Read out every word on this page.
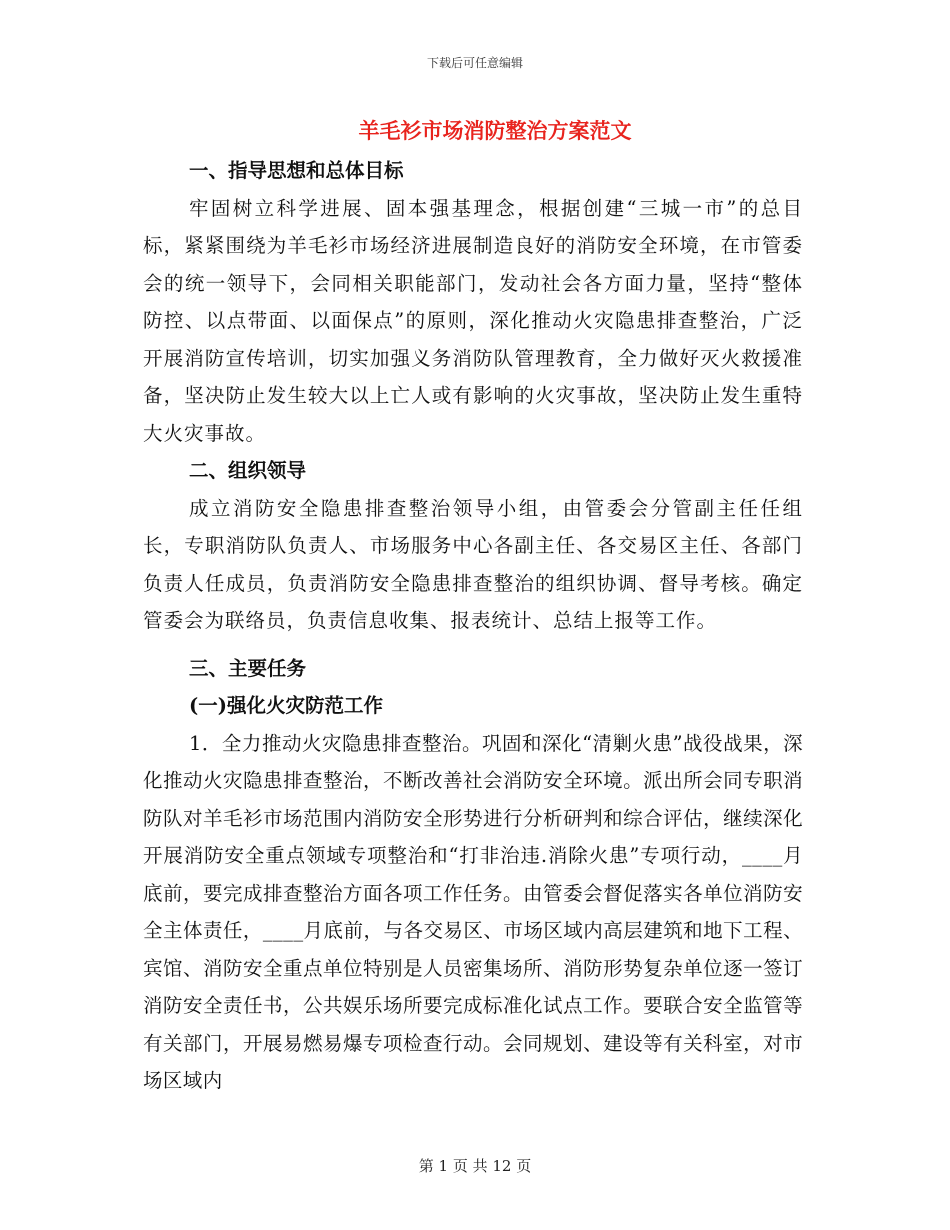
下载后可任意编辑
羊毛衫市场消防整治方案范文
一、指导思想和总体目标
牢固树立科学进展、固本强基理念，根据创建“三城一市”的总目标，紧紧围绕为羊毛衫市场经济进展制造良好的消防安全环境，在市管委会的统一领导下，会同相关职能部门，发动社会各方面力量，坚持“整体防控、以点带面、以面保点”的原则，深化推动火灾隐患排查整治，广泛开展消防宣传培训，切实加强义务消防队管理教育，全力做好灭火救援准备，坚决防止发生较大以上亡人或有影响的火灾事故，坚决防止发生重特大火灾事故。
二、组织领导
成立消防安全隐患排查整治领导小组，由管委会分管副主任任组长，专职消防队负责人、市场服务中心各副主任、各交易区主任、各部门负责人任成员，负责消防安全隐患排查整治的组织协调、督导考核。确定管委会为联络员，负责信息收集、报表统计、总结上报等工作。
三、主要任务
(一)强化火灾防范工作
1．全力推动火灾隐患排查整治。巩固和深化“清剿火患”战役战果，深化推动火灾隐患排查整治，不断改善社会消防安全环境。派出所会同专职消防队对羊毛衫市场范围内消防安全形势进行分析研判和综合评估，继续深化开展消防安全重点领域专项整治和“打非治违.消除火患”专项行动，____月底前，要完成排查整治方面各项工作任务。由管委会督促落实各单位消防安全主体责任，____月底前，与各交易区、市场区域内高层建筑和地下工程、宾馆、消防安全重点单位特别是人员密集场所、消防形势复杂单位逐一签订消防安全责任书，公共娱乐场所要完成标准化试点工作。要联合安全监管等有关部门，开展易燃易爆专项检查行动。会同规划、建设等有关科室，对市场区域内
第 1 页 共 12 页
